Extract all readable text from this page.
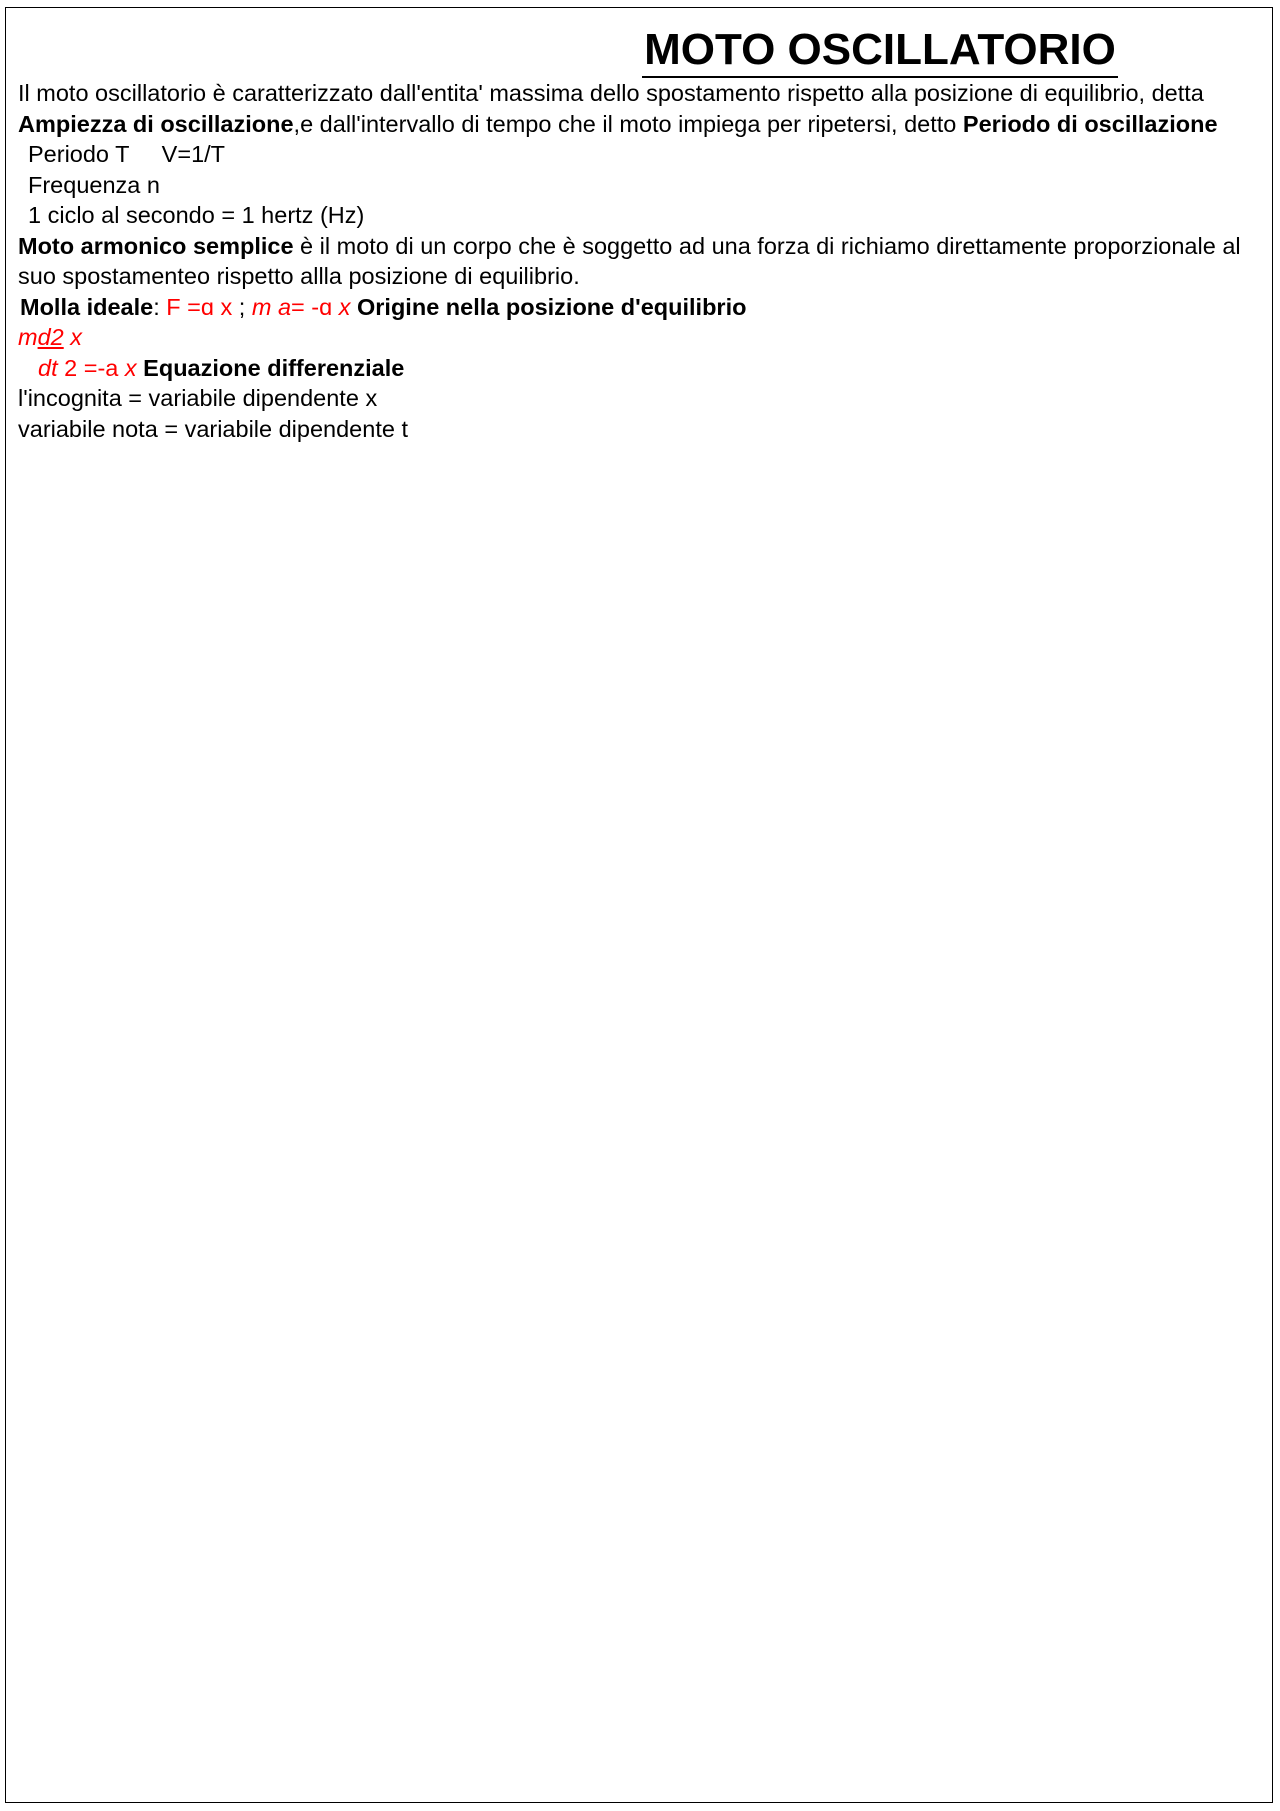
MOTO OSCILLATORIO
Il moto oscillatorio è caratterizzato dall'entita' massima dello spostamento rispetto alla posizione di equilibrio, detta Ampiezza di oscillazione,e dall'intervallo di tempo che il moto impiega per ripetersi, detto Periodo di oscillazione
Periodo T     V=1/T
Frequenza n
1 ciclo al secondo = 1 hertz (Hz)
Moto armonico semplice è il moto di un corpo che è soggetto ad una forza di richiamo direttamente proporzionale al suo spostamenteo rispetto allla posizione di equilibrio.
Molla ideale: F =ɑ x ; m a= -ɑ x Origine nella posizione d'equilibrio
md2 x
dt 2 =-a x Equazione differenziale
l'incognita = variabile dipendente x
variabile nota = variabile dipendente t
